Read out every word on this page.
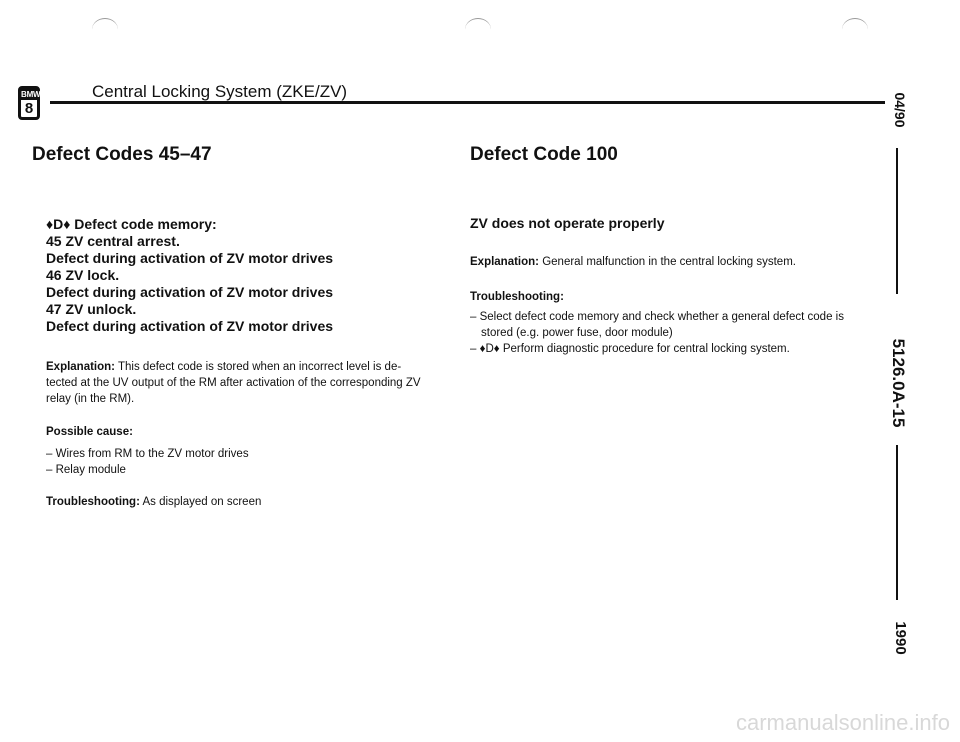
BMW
8
Central Locking System (ZKE/ZV)
Defect Codes 45–47
♦D♦ Defect code memory:
45 ZV central arrest.
Defect during activation of ZV motor drives
46 ZV lock.
Defect during activation of ZV motor drives
47 ZV unlock.
Defect during activation of ZV motor drives
Explanation: This defect code is stored when an incorrect level is de-
tected at the UV output of the RM after activation of the corresponding ZV
relay (in the RM).
Possible cause:
– Wires from RM to the ZV motor drives
– Relay module
Troubleshooting: As displayed on screen
Defect Code 100
ZV does not operate properly
Explanation: General malfunction in the central locking system.
Troubleshooting:
– Select defect code memory and check whether a general defect code is
stored (e.g. power fuse, door module)
– ♦D♦ Perform diagnostic procedure for central locking system.
04/90
5126.0A-15
1990
carmanualsonline.info
